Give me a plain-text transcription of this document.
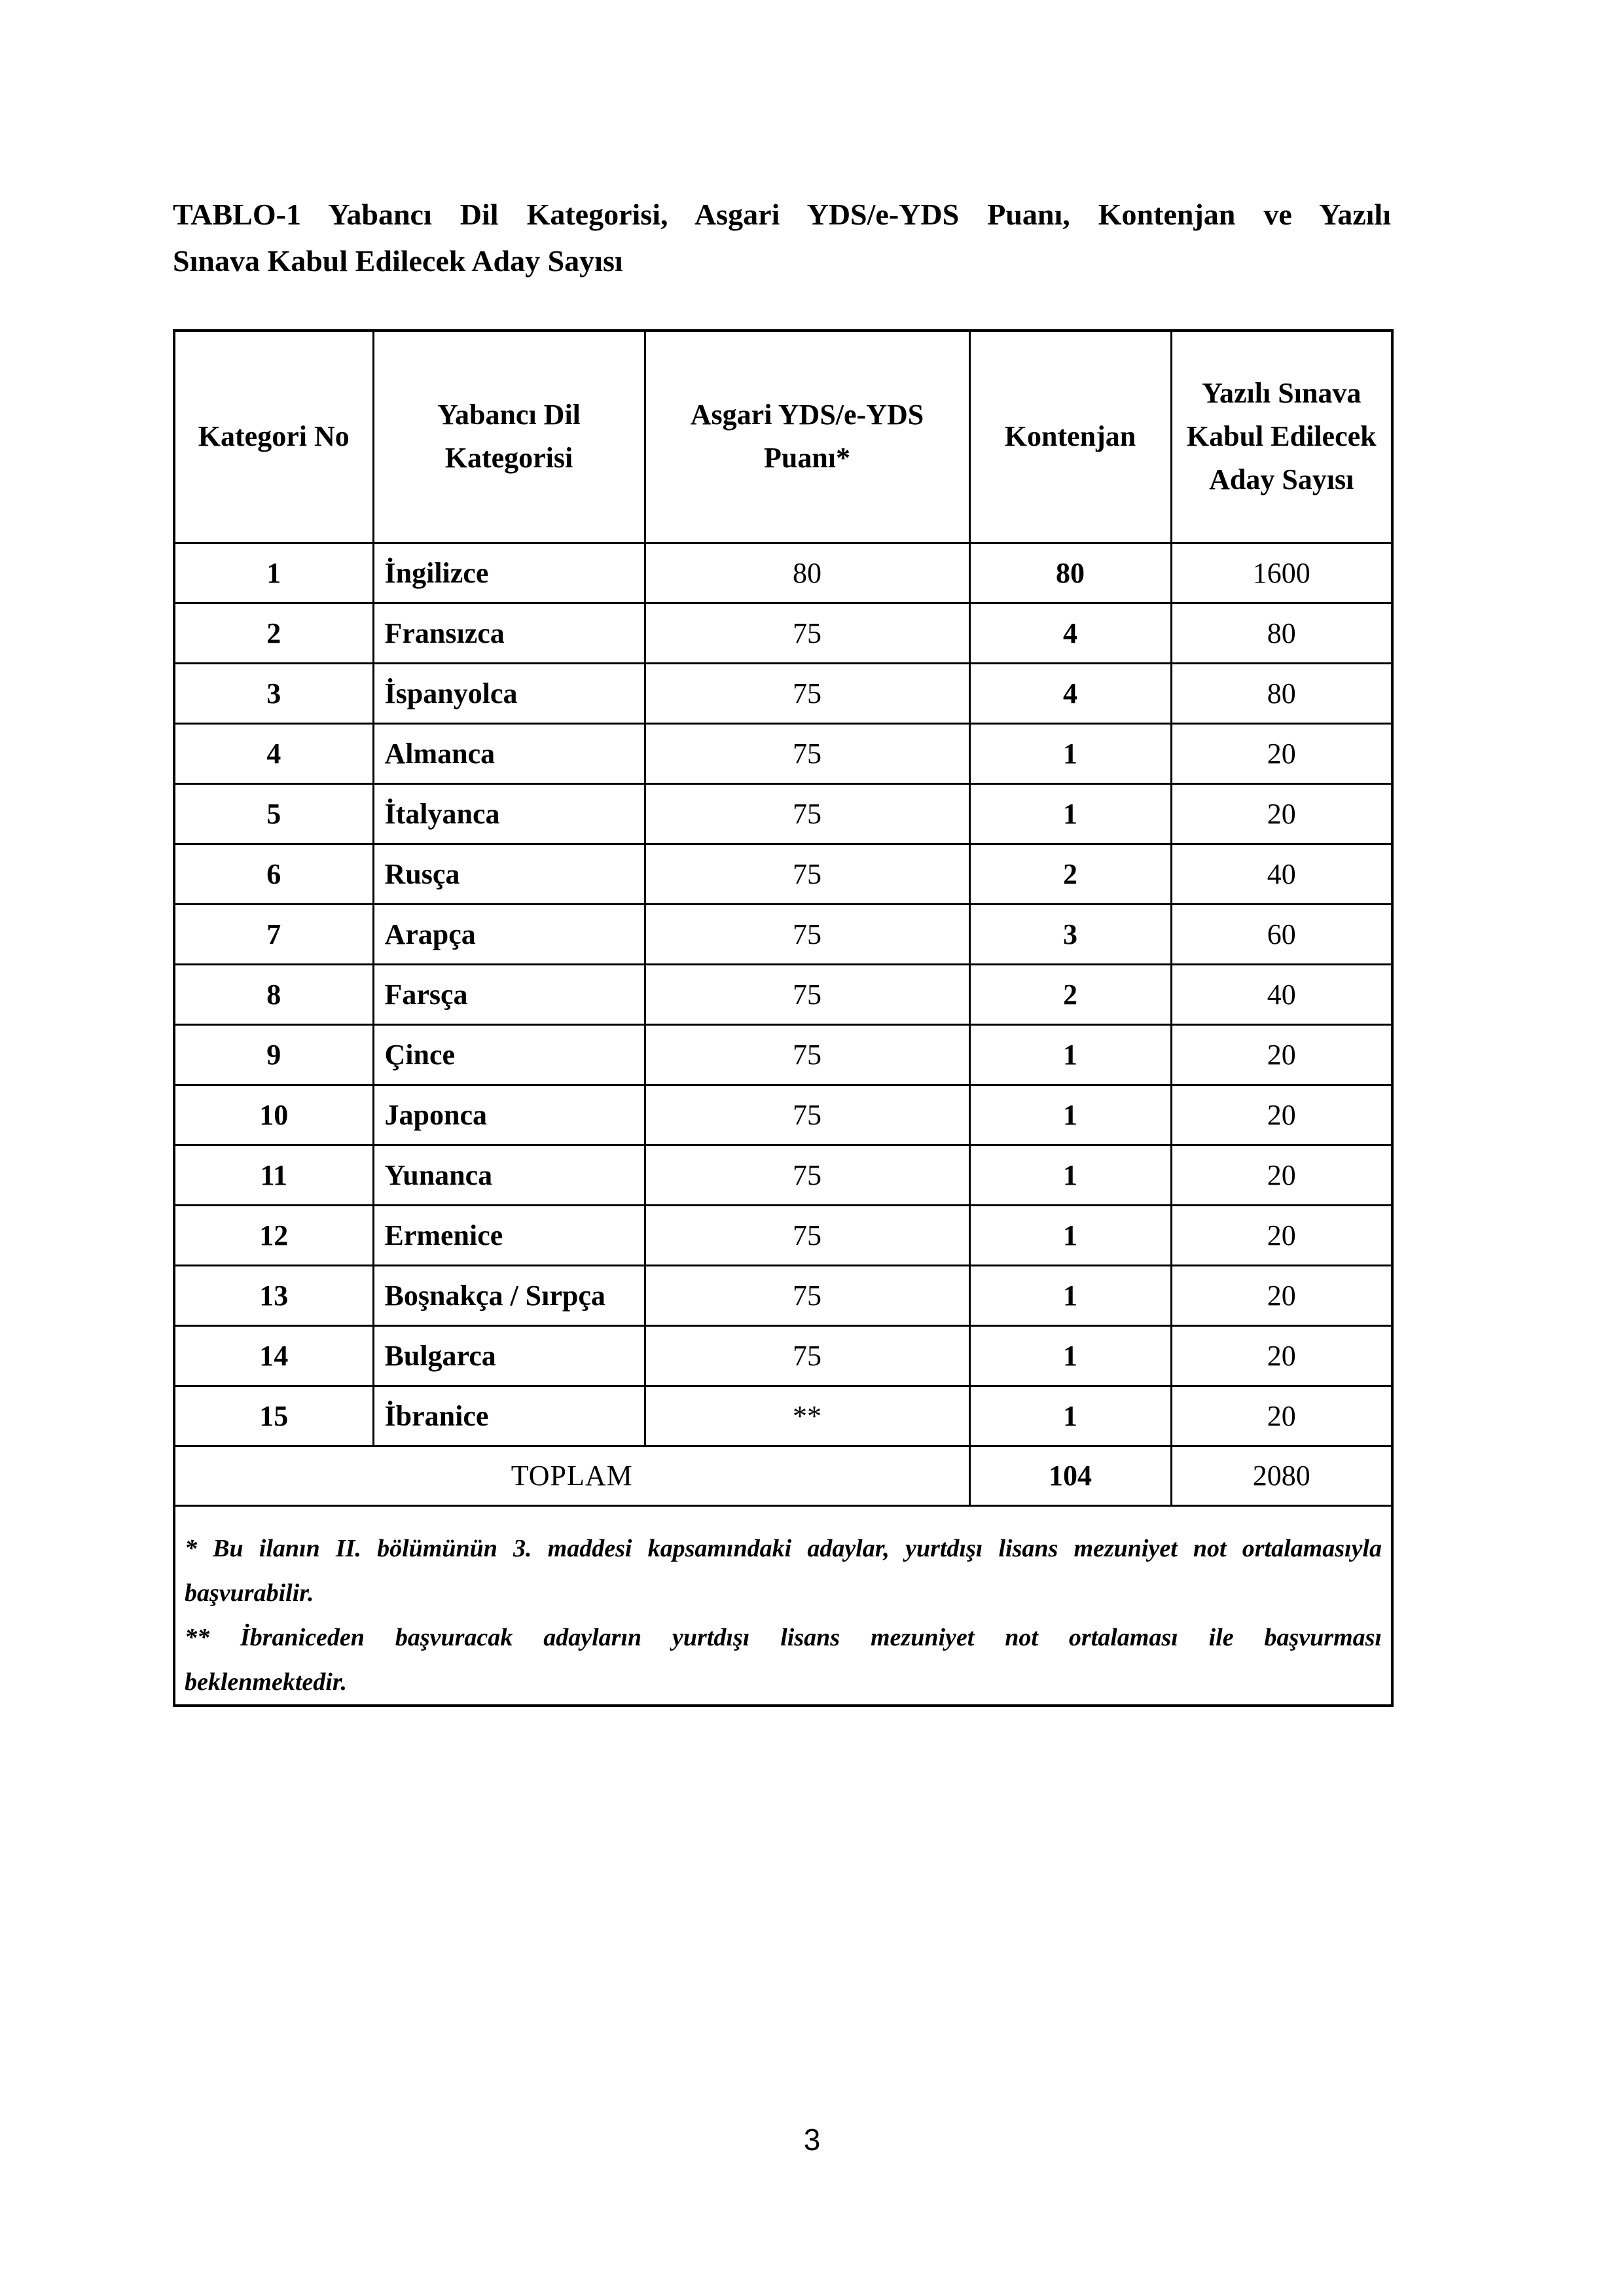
TABLO-1 Yabancı Dil Kategorisi, Asgari YDS/e-YDS Puanı, Kontenjan ve Yazılı
Sınava Kabul Edilecek Aday Sayısı
Kategori No	Yabancı Dil Kategorisi	Asgari YDS/e-YDS Puanı*	Kontenjan	Yazılı Sınava Kabul Edilecek Aday Sayısı
1	İngilizce	80	80	1600
2	Fransızca	75	4	80
3	İspanyolca	75	4	80
4	Almanca	75	1	20
5	İtalyanca	75	1	20
6	Rusça	75	2	40
7	Arapça	75	3	60
8	Farsça	75	2	40
9	Çince	75	1	20
10	Japonca	75	1	20
11	Yunanca	75	1	20
12	Ermenice	75	1	20
13	Boşnakça / Sırpça	75	1	20
14	Bulgarca	75	1	20
15	İbranice	**	1	20
TOPLAM			104	2080

* Bu ilanın II. bölümünün 3. maddesi kapsamındaki adaylar, yurtdışı lisans mezuniyet not ortalamasıyla
başvurabilir.
** İbraniceden başvuracak adayların yurtdışı lisans mezuniyet not ortalaması ile başvurması
beklenmektedir.				
3
